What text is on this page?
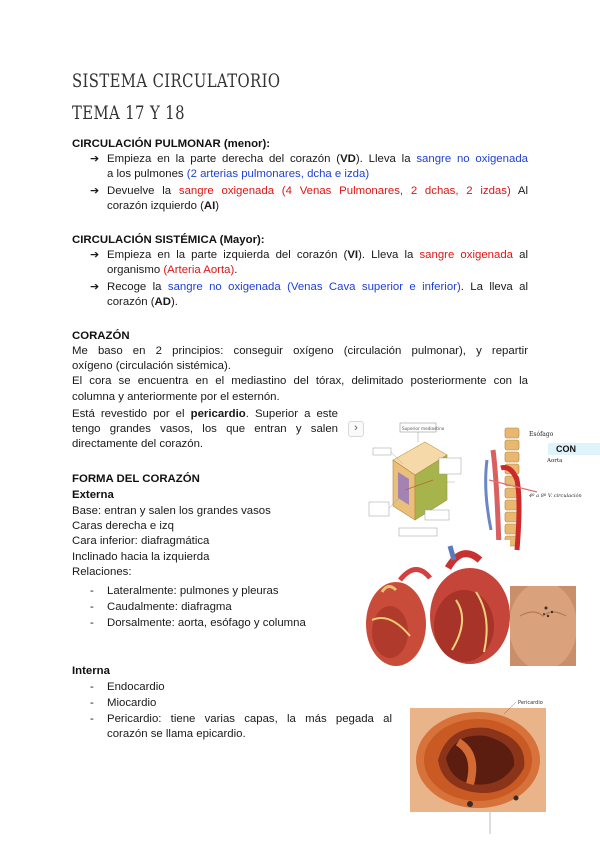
SISTEMA CIRCULATORIO
TEMA 17 Y 18
CIRCULACIÓN PULMONAR (menor):
➔ Empieza en la parte derecha del corazón (VD). Lleva la sangre no oxigenada
a los pulmones (2 arterias pulmonares, dcha e izda)
➔ Devuelve la sangre oxigenada (4 Venas Pulmonares, 2 dchas, 2 izdas) Al
corazón izquierdo (AI)
CIRCULACIÓN SISTÉMICA (Mayor):
➔ Empieza en la parte izquierda del corazón (VI). Lleva la sangre oxigenada al
organismo (Arteria Aorta).
➔ Recoge la sangre no oxigenada (Venas Cava superior e inferior). La lleva al
corazón (AD).
CORAZÓN
Me baso en 2 principios: conseguir oxígeno (circulación pulmonar), y repartir
oxígeno (circulación sistémica).
El cora se encuentra en el mediastino del tórax, delimitado posteriormente con la
columna y anteriormente por el esternón.
Está revestido por el pericardio. Superior a este
tengo grandes vasos, los que entran y salen
directamente del corazón.
FORMA DEL CORAZÓN
Externa
Base: entran y salen los grandes vasos
Caras derecha e izq
Cara inferior: diafragmática
Inclinado hacia la izquierda
Relaciones:
- Lateralmente: pulmones y pleuras
- Caudalmente: diafragma
- Dorsalmente: aorta, esófago y columna
Interna
- Endocardio
- Miocardio
- Pericardio: tiene varias capas, la más pegada al
corazón se llama epicardio.
›	Superior mediastino
Esófago
Aorta
4º a 8º V. circulación
CON
Pericardio
